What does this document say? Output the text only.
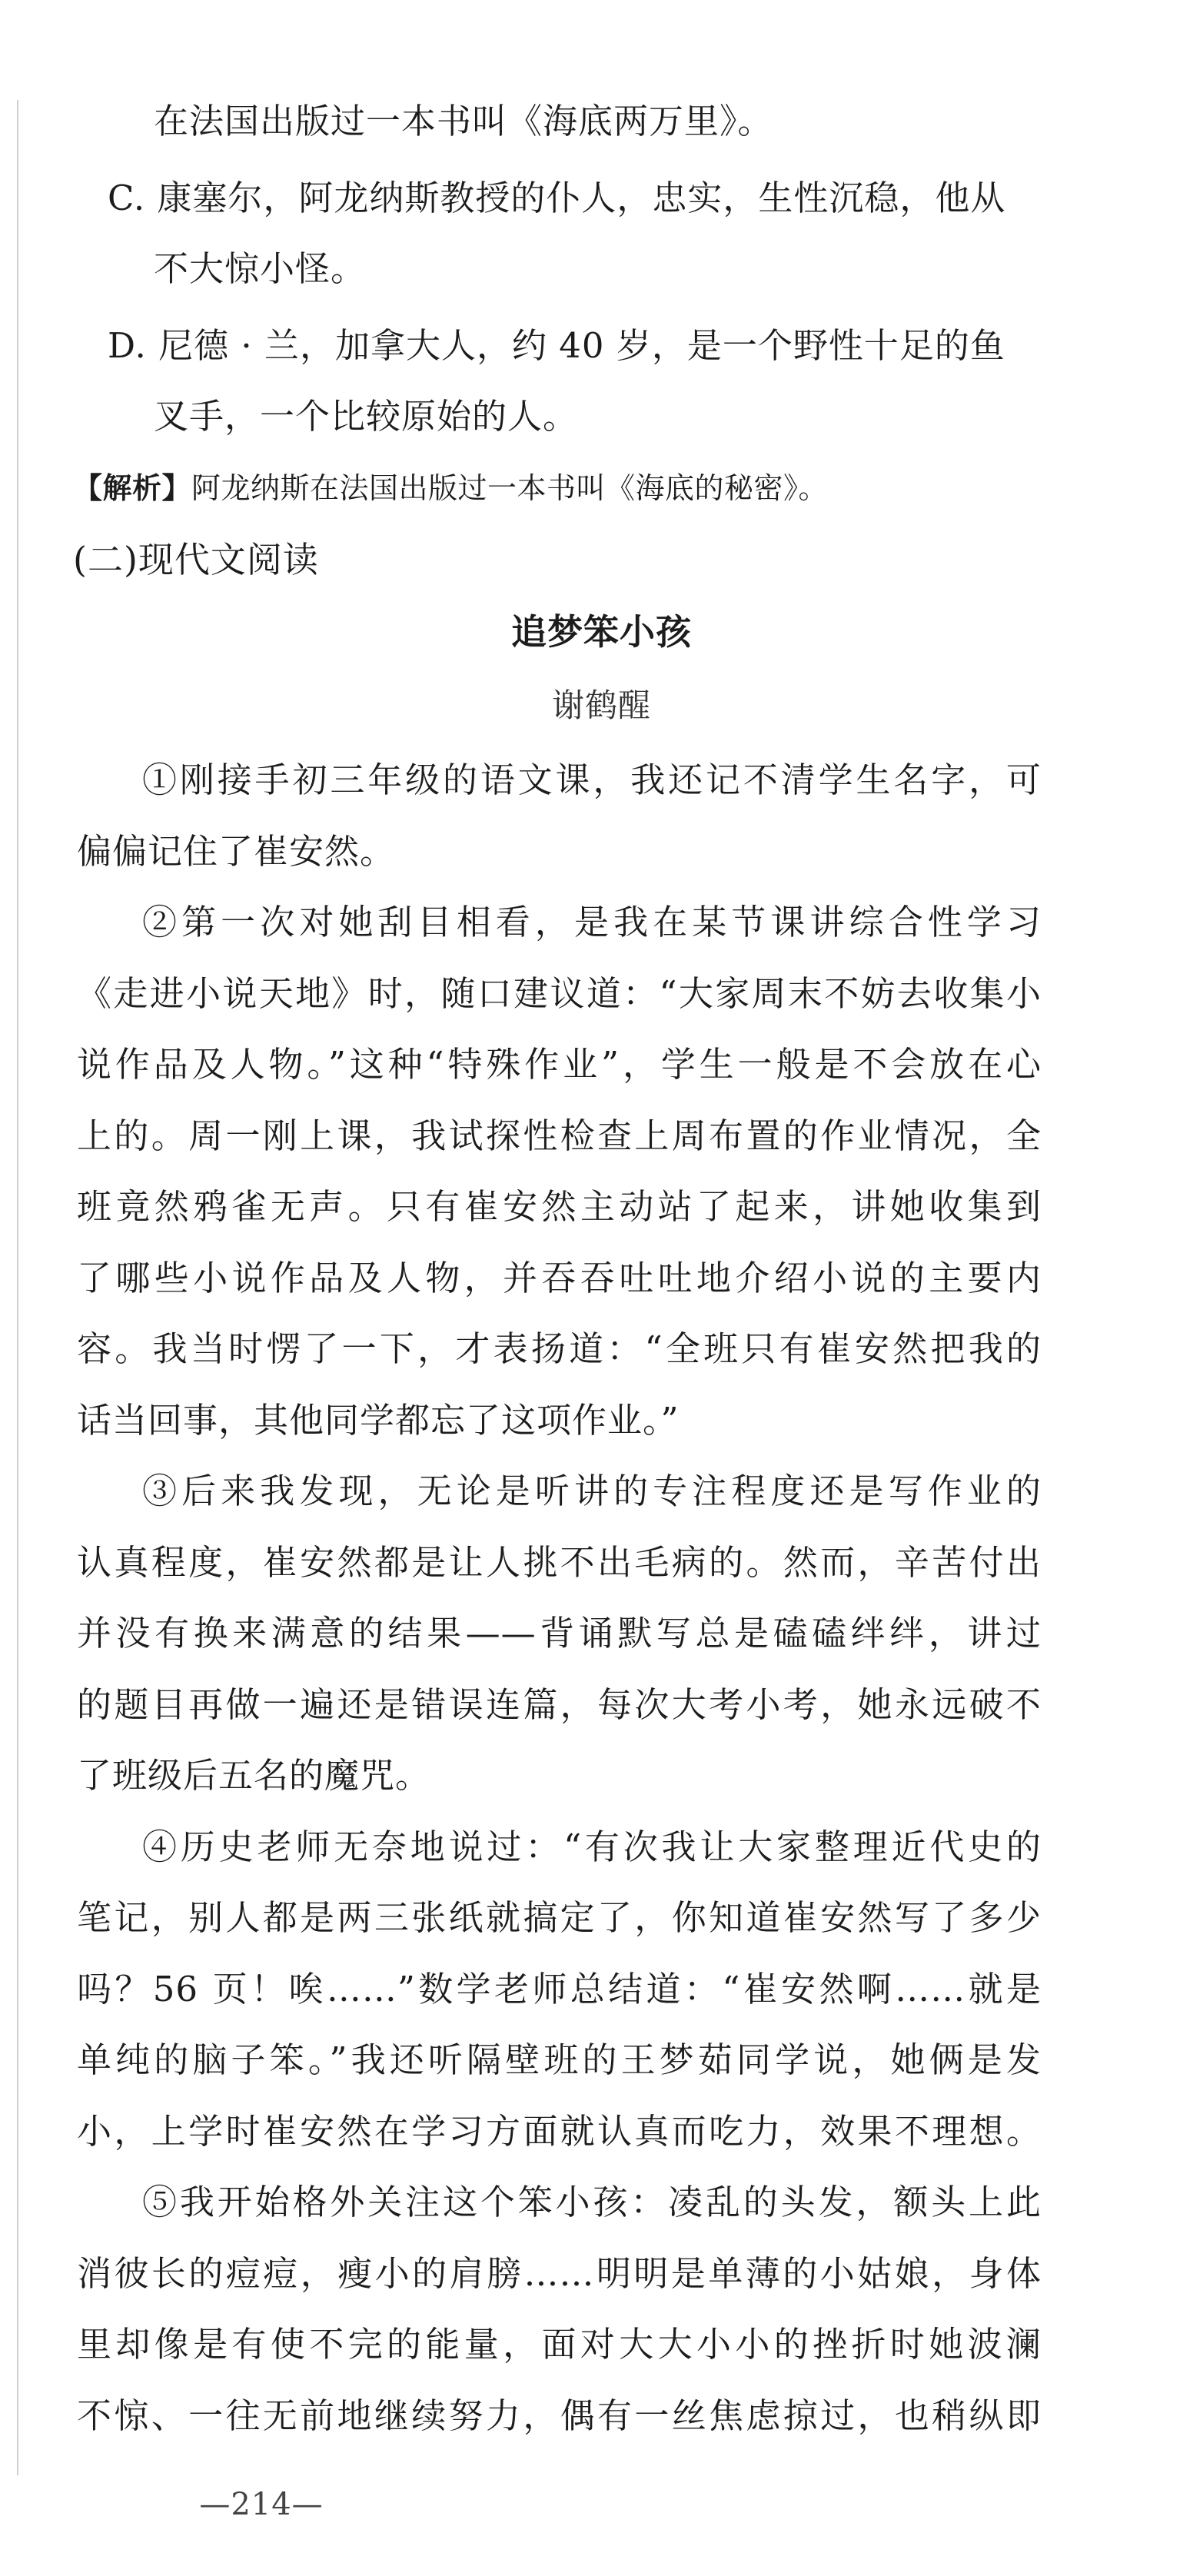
在法国出版过一本书叫《海底两万里》。
C. 康塞尔，阿龙纳斯教授的仆人，忠实，生性沉稳，他从
不大惊小怪。
D. 尼德 · 兰，加拿大人，约 40 岁，是一个野性十足的鱼
叉手，一个比较原始的人。
【解析】阿龙纳斯在法国出版过一本书叫《海底的秘密》。
(二)现代文阅读
追梦笨小孩
谢鹤醒
①刚接手初三年级的语文课，我还记不清学生名字，可
偏偏记住了崔安然。
②第一次对她刮目相看，是我在某节课讲综合性学习
《走进小说天地》时，随口建议道：“大家周末不妨去收集小
说作品及人物。”这种“特殊作业”，学生一般是不会放在心
上的。周一刚上课，我试探性检查上周布置的作业情况，全
班竟然鸦雀无声。只有崔安然主动站了起来，讲她收集到
了哪些小说作品及人物，并吞吞吐吐地介绍小说的主要内
容。我当时愣了一下，才表扬道：“全班只有崔安然把我的
话当回事，其他同学都忘了这项作业。”
③后来我发现，无论是听讲的专注程度还是写作业的
认真程度，崔安然都是让人挑不出毛病的。然而，辛苦付出
并没有换来满意的结果——背诵默写总是磕磕绊绊，讲过
的题目再做一遍还是错误连篇，每次大考小考，她永远破不
了班级后五名的魔咒。
④历史老师无奈地说过：“有次我让大家整理近代史的
笔记，别人都是两三张纸就搞定了，你知道崔安然写了多少
吗？56 页！唉……”数学老师总结道：“崔安然啊……就是
单纯的脑子笨。”我还听隔壁班的王梦茹同学说，她俩是发
小，上学时崔安然在学习方面就认真而吃力，效果不理想。
⑤我开始格外关注这个笨小孩：凌乱的头发，额头上此
消彼长的痘痘，瘦小的肩膀……明明是单薄的小姑娘，身体
里却像是有使不完的能量，面对大大小小的挫折时她波澜
不惊、一往无前地继续努力，偶有一丝焦虑掠过，也稍纵即
—214—
